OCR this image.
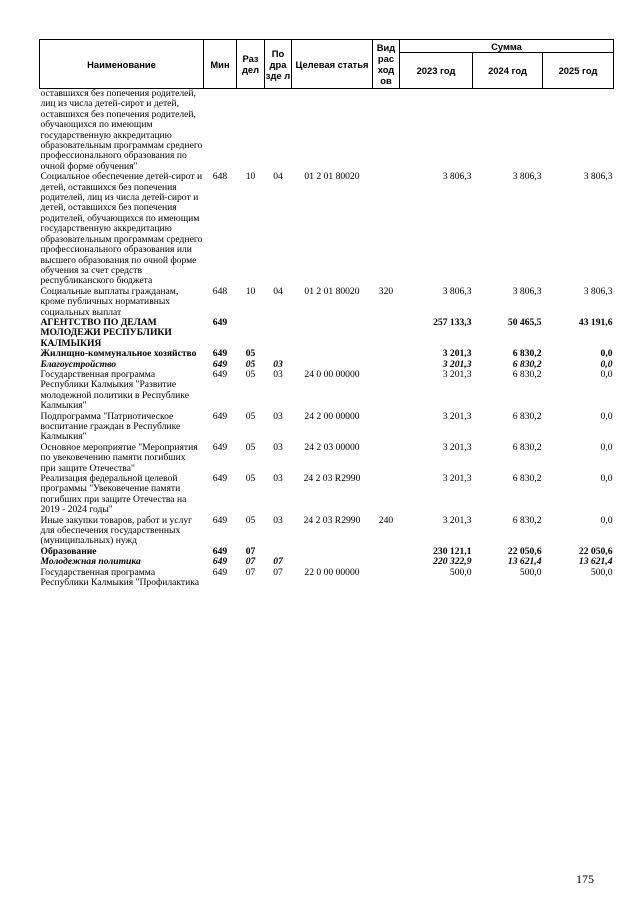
Наименование	Мин	Раз дел	По дра зде л	Целевая статья	Вид рас ход ов	Сумма		
						2023 год	2024 год	2025 год
оставшихся без попечения родителей, лиц из числа детей-сирот и детей, оставшихся без попечения родителей, обучающихся по имеющим государственную аккредитацию образовательным программам среднего профессионального образования по очной форме обучения"								
Социальное обеспечение детей-сирот и детей, оставшихся без попечения родителей, лиц из числа детей-сирот и детей, оставшихся без попечения родителей, обучающихся по имеющим государственную аккредитацию образовательным программам среднего профессионального образования или высшего образования по очной форме обучения за счет средств республиканского бюджета	648	10	04	01 2 01 80020		3 806,3	3 806,3	3 806,3
Социальные выплаты гражданам, кроме публичных нормативных социальных выплат	648	10	04	01 2 01 80020	320	3 806,3	3 806,3	3 806,3
АГЕНТСТВО ПО ДЕЛАМ МОЛОДЕЖИ РЕСПУБЛИКИ КАЛМЫКИЯ	649					257 133,3	50 465,5	43 191,6
Жилищно-коммунальное хозяйство	649	05				3 201,3	6 830,2	0,0
Благоустройство	649	05	03			3 201,3	6 830,2	0,0
Государственная программа Республики Калмыкия "Развитие молодежной политики в Республике Калмыкия"	649	05	03	24 0 00 00000		3 201,3	6 830,2	0,0
Подпрограмма "Патриотическое воспитание граждан в Республике Калмыкия"	649	05	03	24 2 00 00000		3 201,3	6 830,2	0,0
Основное мероприятие "Мероприятия по увековечению памяти погибших при защите Отечества"	649	05	03	24 2 03 00000		3 201,3	6 830,2	0,0
Реализация федеральной целевой программы "Увековечение памяти погибших при защите Отечества на 2019 - 2024 годы"	649	05	03	24 2 03 R2990		3 201,3	6 830,2	0,0
Иные закупки товаров, работ и услуг для обеспечения государственных (муниципальных) нужд	649	05	03	24 2 03 R2990	240	3 201,3	6 830,2	0,0
Образование	649	07				230 121,1	22 050,6	22 050,6
Молодежная политика	649	07	07			220 322,9	13 621,4	13 621,4
Государственная программа Республики Калмыкия "Профилактика	649	07	07	22 0 00 00000		500,0	500,0	500,0
175
